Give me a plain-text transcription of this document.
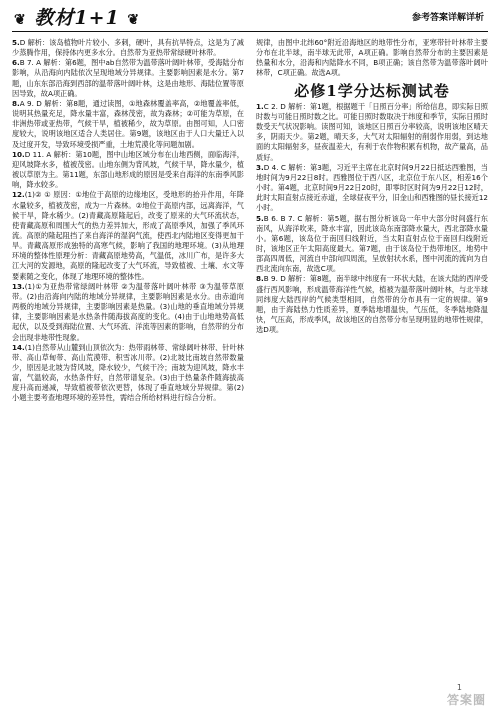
❦ 教材1+1 ❦	参考答案详解详析

5.D 解析：该岛植物叶片较小、多刺，硬叶，具有抗旱特点，这是为了减少蒸腾作用，保持体内更多水分。自然带为亚热带常绿硬叶林带。

6.B 7. A 解析：第6题，图中ab自然带为温带落叶阔叶林带，受海陆分布影响，从沿海向内陆依次呈现地域分异规律。主要影响因素是水分。第7题，山东东部沿海到西部的温带落叶阔叶林，这是由地形、海陆位置等原因导致，故A项正确。

8.A 9. D 解析：第8题，通过读图，①地森林覆盖率高，②地覆盖率低，说明其热量充足，降水量丰富，森林茂密，故为森林；②可能为草原，在非洲热带或亚热带，气候干旱，植被稀少，故为草原。由图可知，人口密度较大，说明该地区适合人类居住。第9题，该地区由于人口大量迁入以及过度开发，导致环境受损严重，土地荒漠化等问题加剧。

10.D 11. A 解析：第10题，图中山地区域分布在山地西侧，面临海洋，迎风坡降水多，植被茂密。山地东侧为背风坡，气候干旱，降水量少，植被以草原为主。第11题，东部山地形成的原因是受来自海洋的东南季风影响，降水较多。

12.(1)② ① 原因：①地位于高原的边缘地区，受地形的抬升作用，年降水量较多，植被茂密，成为一片森林。②地位于高原内部，远离海洋，气候干旱，降水稀少。(2)青藏高原隆起后，改变了原来的大气环流状态，使青藏高原和周围大气的热力差异加大，形成了高原季风，加强了季风环流。高原的隆起阻挡了来自海洋的湿润气流，使西北内陆地区变得更加干旱。青藏高原形成独特的高寒气候，影响了我国的地理环境。(3)从地理环境的整体性原理分析：青藏高原地势高，气温低，冰川广布，是许多大江大河的发源地，高原的隆起改变了大气环流，导致植被、土壤、水文等要素随之变化，体现了地理环境的整体性。

13.(1)①为亚热带常绿阔叶林带 ②为温带落叶阔叶林带 ③为温带草原带。(2)由沿海向内陆的地域分异规律，主要影响因素是水分。由赤道向两极的地域分异规律，主要影响因素是热量。(3)山地的垂直地域分异规律，主要影响因素是水热条件随海拔高度的变化。(4)由于山地地势高低起伏，以及受到海陆位置、大气环流、洋流等因素的影响，自然带的分布会出现非地带性现象。

14.(1)自然带从山麓到山顶依次为：热带雨林带、常绿阔叶林带、针叶林带、高山草甸带、高山荒漠带、积雪冰川带。(2)北坡比南坡自然带数量少，原因是北坡为背风坡，降水较少，气候干冷；南坡为迎风坡，降水丰富，气温较高，水热条件好，自然带谱复杂。(3)由于热量条件随海拔高度升高而递减，导致植被带依次更替，体现了垂直地域分异规律。第(2)小题主要考查地理环境的差异性，需结合所给材料进行综合分析。

规律，由图中北纬60°附近沿海地区的地带性分布，亚寒带针叶林带主要分布在北半球，南半球无此带，A项正确。影响自然带分布的主要因素是热量和水分，沿海和内陆降水不同，B项正确；该自然带为温带落叶阔叶林带，C项正确。故选A项。

必修1学分达标测试卷

1.C 2. D 解析：第1题，根据题干「日照百分率」所给信息，即实际日照时数与可能日照时数之比。可能日照时数取决于纬度和季节，实际日照时数受天气状况影响。读图可知，该地区日照百分率较高，说明该地区晴天多，阴雨天少。第2题，晴天多，大气对太阳辐射的削弱作用弱，到达地面的太阳辐射多，昼夜温差大，有利于农作物积累有机物，故产量高，品质好。

3.D 4. C 解析：第3题，习近平主席在北京时间9月22日抵达西雅图，当地时间为9月22日8时。西雅图位于西八区，北京位于东八区，相差16个小时。第4题，北京时间9月22日20时，即零时区时间为9月22日12时，此时太阳直射点接近赤道，全球昼夜平分，旧金山和西雅图的昼长接近12小时。

5.B 6. B 7. C 解析：第5题，据右图分析该岛一年中大部分时间盛行东南风，从海洋吹来，降水丰富，因此该岛东南部降水量大，西北部降水量小。第6题，该岛位于南回归线附近，当太阳直射点位于南回归线附近时，该地区正午太阳高度最大。第7题，由于该岛位于热带地区，地势中部高四周低，河流自中部向四周流，呈放射状水系，图中河流的流向为自西北流向东南，故选C项。

8.B 9. D 解析：第8题，南半球中纬度有一环状大陆，在该大陆的西岸受盛行西风影响，形成温带海洋性气候，植被为温带落叶阔叶林，与北半球同纬度大陆西岸的气候类型相同，自然带的分布具有一定的规律。第9题，由于海陆热力性质差异，夏季陆地增温快，气压低，冬季陆地降温快，气压高，形成季风，故该地区的自然带分布呈现明显的地带性规律，选D项。

1
答案圈
